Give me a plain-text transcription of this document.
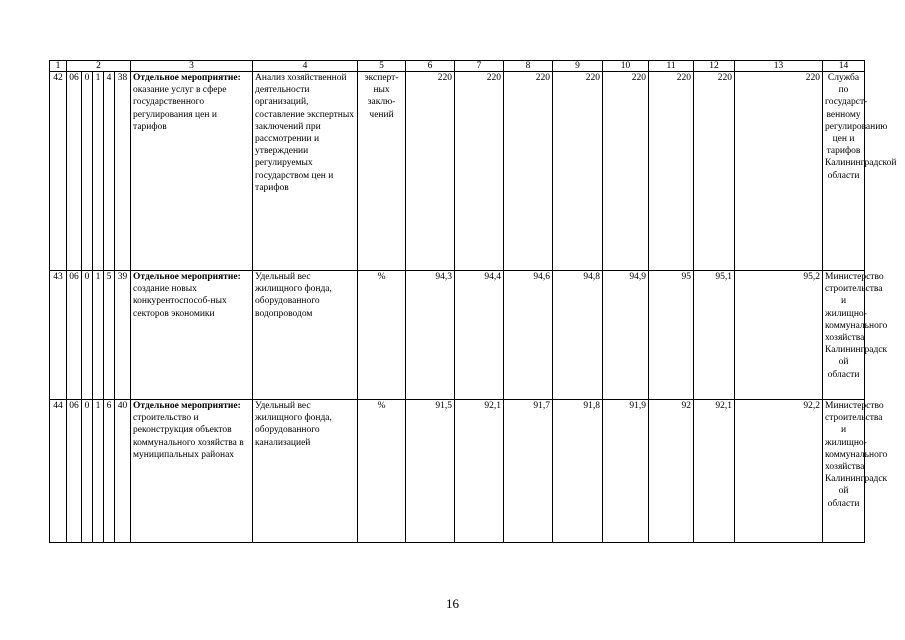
1	2					3	4	5	6	7	8	9	10	11	12	13	14
42	06	0	1	4	38	Отдельное мероприятие:
оказание услуг в сфере государственного регулирования цен и тарифов	Анализ хозяйственной деятельности организаций, составление экспертных заключений при рассмотрении и утверждении регулируемых государством цен и тарифов	эксперт-ных заклю-чений	220	220	220	220	220	220	220	220	Служба по государст-венному регулированию цен и тарифов Калининградской области
43	06	0	1	5	39	Отдельное мероприятие:
создание новых конкурентоспособ-ных секторов экономики	Удельный вес жилищного фонда, оборудованного водопроводом	%	94,3	94,4	94,6	94,8	94,9	95	95,1	95,2	Министерство строительства и жилищно-коммунального хозяйства Калининградск ой области
44	06	0	1	6	40	Отдельное мероприятие:
строительство и реконструкция объектов коммунального хозяйства в муниципальных районах	Удельный вес жилищного фонда, оборудованного канализацией	%	91,5	92,1	91,7	91,8	91,9	92	92,1	92,2	Министерство строительства и жилищно-коммунального хозяйства Калининградск ой области
16
